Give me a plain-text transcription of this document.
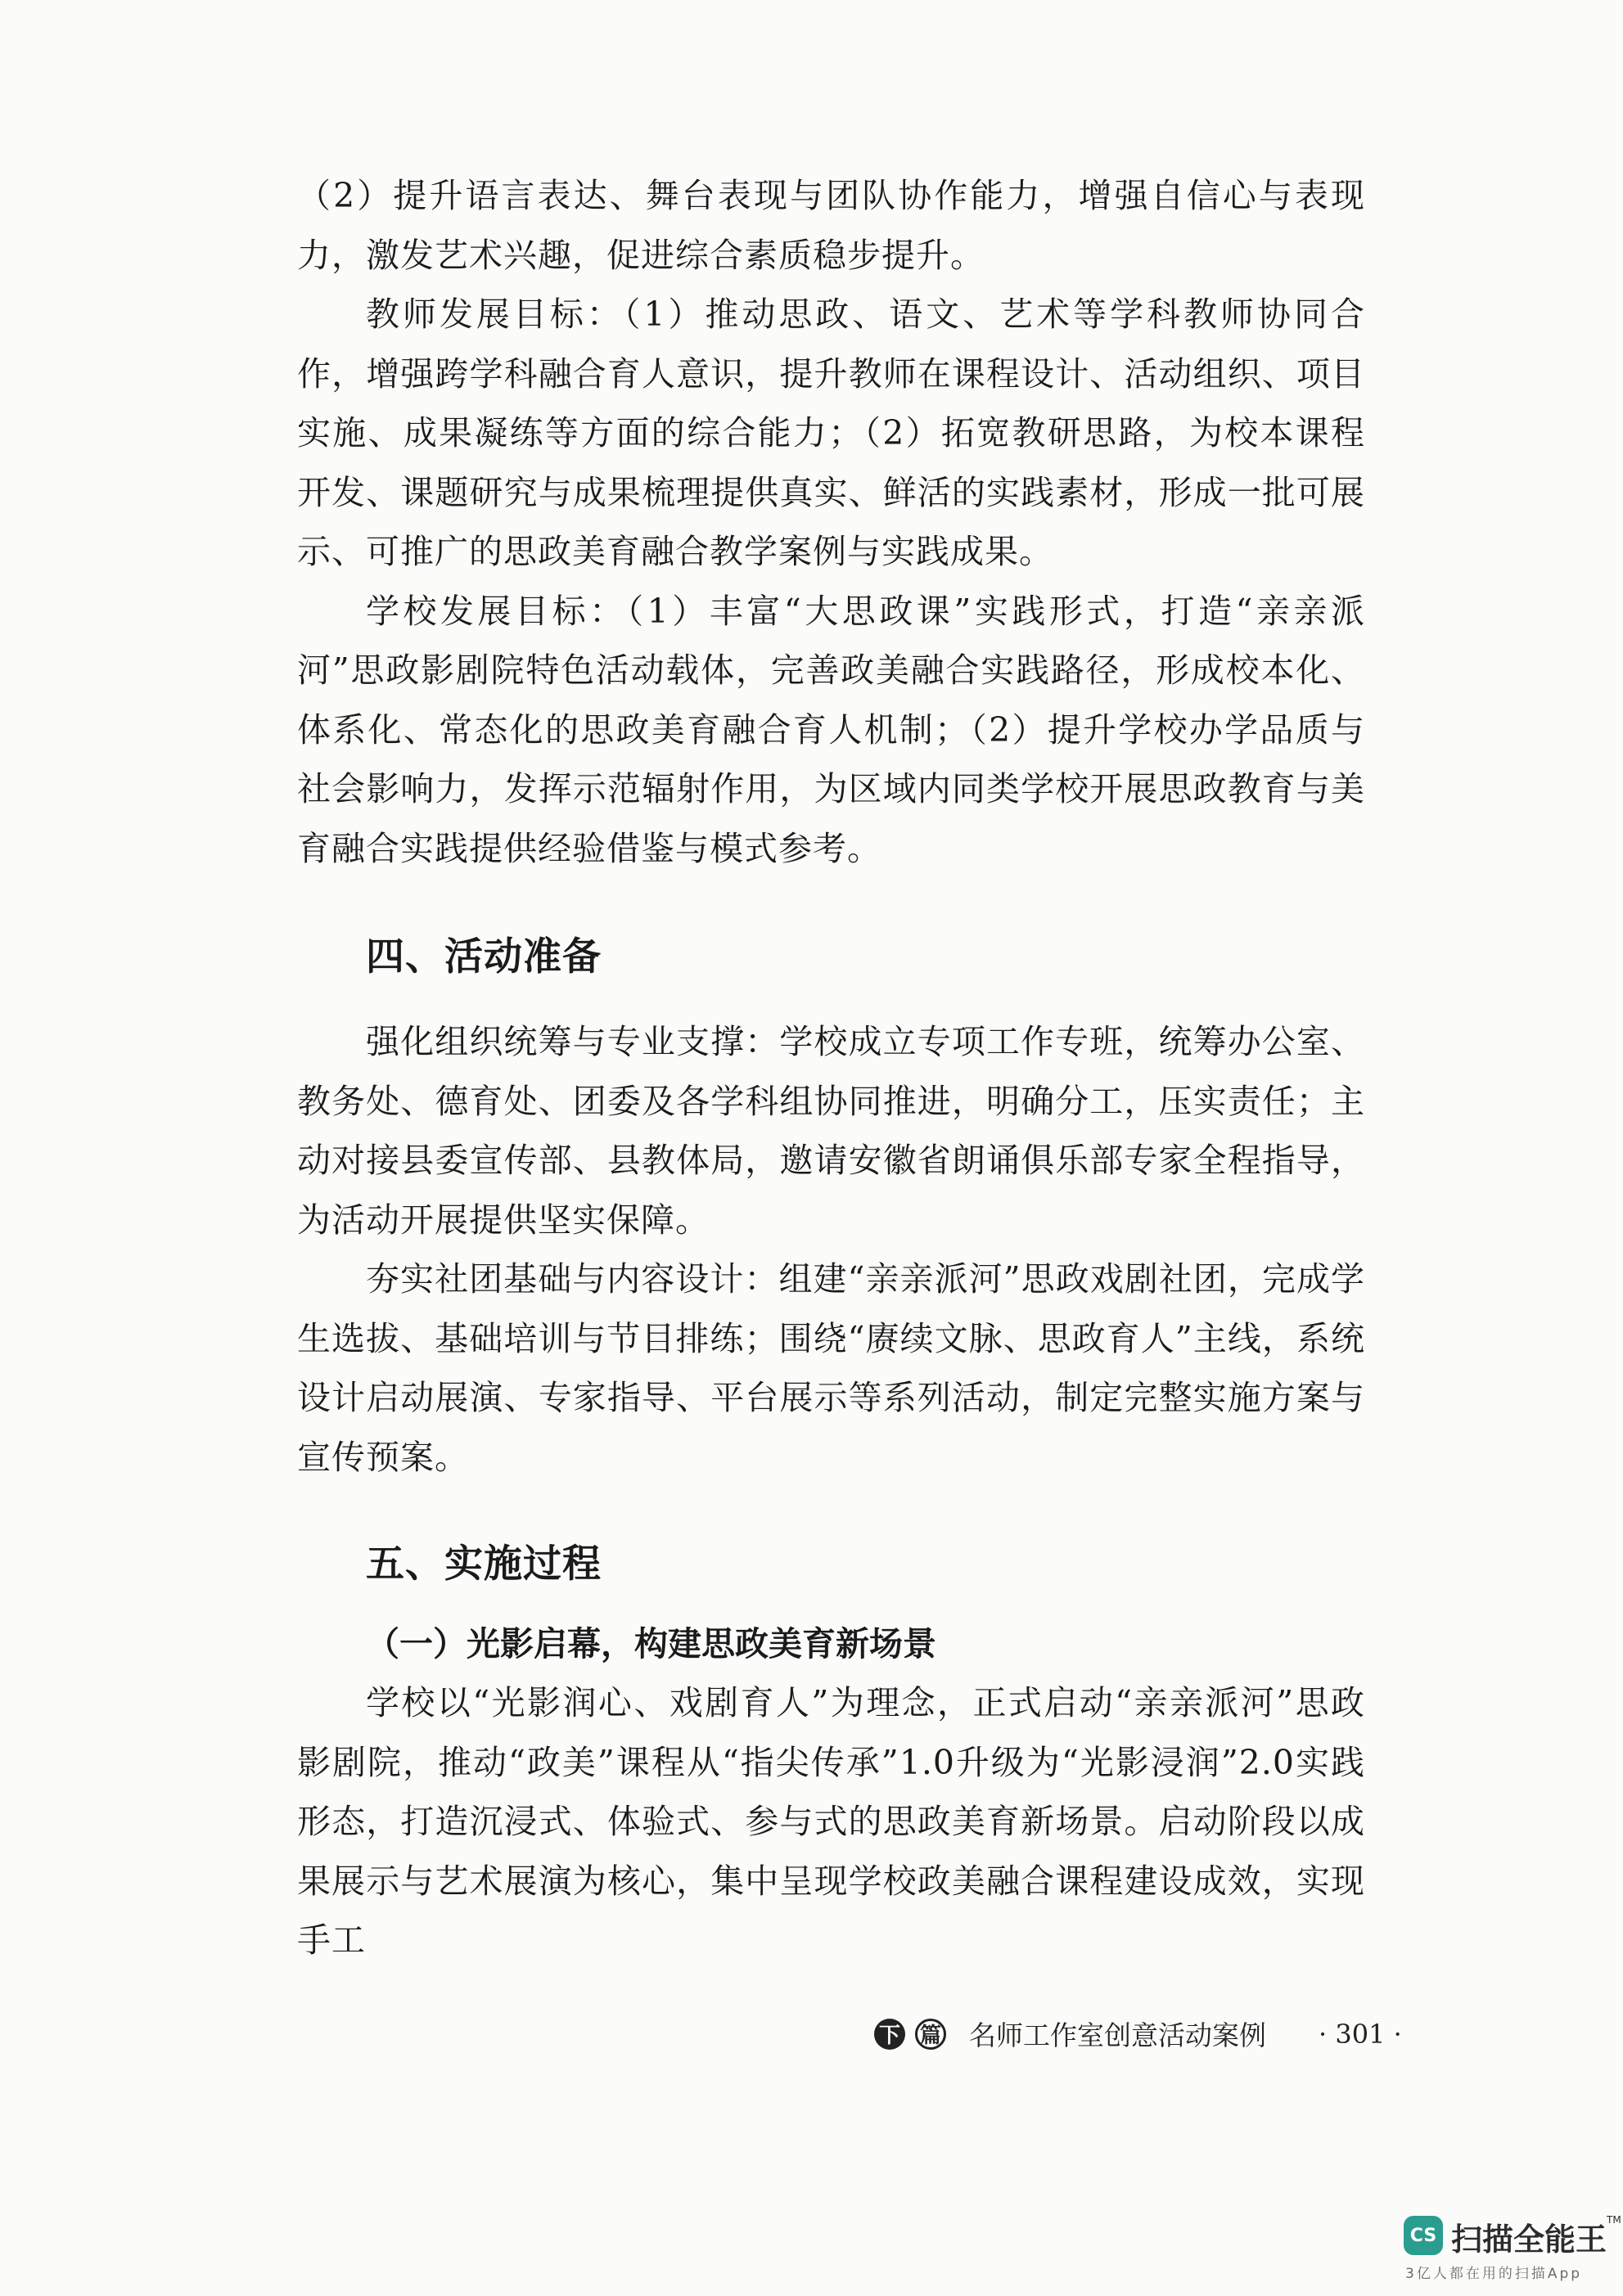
（2）提升语言表达、舞台表现与团队协作能力，增强自信心与表现力，激发艺术兴趣，促进综合素质稳步提升。

教师发展目标：（1）推动思政、语文、艺术等学科教师协同合作，增强跨学科融合育人意识，提升教师在课程设计、活动组织、项目实施、成果凝练等方面的综合能力；（2）拓宽教研思路，为校本课程开发、课题研究与成果梳理提供真实、鲜活的实践素材，形成一批可展示、可推广的思政美育融合教学案例与实践成果。

学校发展目标：（1）丰富“大思政课”实践形式，打造“亲亲派河”思政影剧院特色活动载体，完善政美融合实践路径，形成校本化、体系化、常态化的思政美育融合育人机制；（2）提升学校办学品质与社会影响力，发挥示范辐射作用，为区域内同类学校开展思政教育与美育融合实践提供经验借鉴与模式参考。

四、活动准备

强化组织统筹与专业支撑：学校成立专项工作专班，统筹办公室、教务处、德育处、团委及各学科组协同推进，明确分工，压实责任；主动对接县委宣传部、县教体局，邀请安徽省朗诵俱乐部专家全程指导，为活动开展提供坚实保障。

夯实社团基础与内容设计：组建“亲亲派河”思政戏剧社团，完成学生选拔、基础培训与节目排练；围绕“赓续文脉、思政育人”主线，系统设计启动展演、专家指导、平台展示等系列活动，制定完整实施方案与宣传预案。

五、实施过程
（一）光影启幕，构建思政美育新场景

学校以“光影润心、戏剧育人”为理念，正式启动“亲亲派河”思政影剧院，推动“政美”课程从“指尖传承”1.0升级为“光影浸润”2.0实践形态，打造沉浸式、体验式、参与式的思政美育新场景。启动阶段以成果展示与艺术展演为核心，集中呈现学校政美融合课程建设成效，实现手工

下 篇 名师工作室创意活动案例 · 301 ·
CS 扫描全能王™
3亿人都在用的扫描App
